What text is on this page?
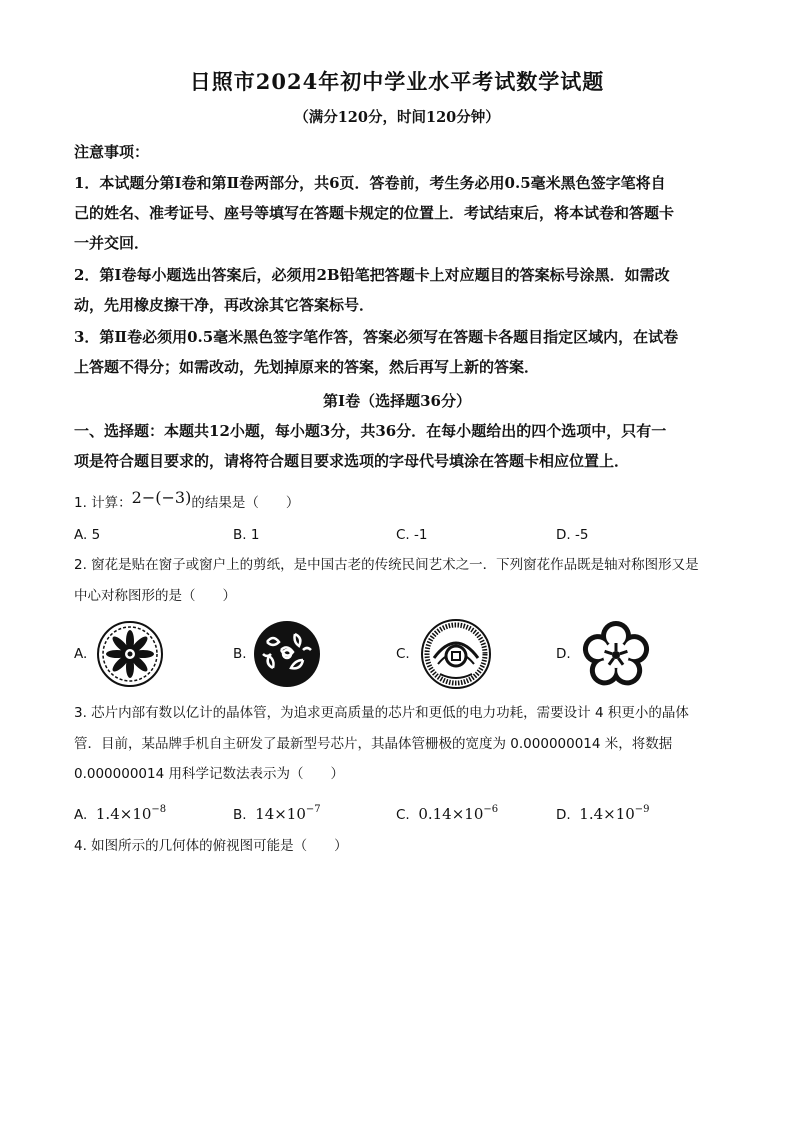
日照市2024年初中学业水平考试数学试题
（满分120分，时间120分钟）
注意事项：
1．本试题分第Ⅰ卷和第Ⅱ卷两部分，共6页．答卷前，考生务必用0.5毫米黑色签字笔将自
己的姓名、准考证号、座号等填写在答题卡规定的位置上．考试结束后，将本试卷和答题卡
一并交回．
2．第Ⅰ卷每小题选出答案后，必须用2B铅笔把答题卡上对应题目的答案标号涂黑．如需改
动，先用橡皮擦干净，再改涂其它答案标号．
3．第Ⅱ卷必须用0.5毫米黑色签字笔作答，答案必须写在答题卡各题目指定区域内，在试卷
上答题不得分；如需改动，先划掉原来的答案，然后再写上新的答案．
第Ⅰ卷（选择题36分）
一、选择题：本题共12小题，每小题3分，共36分．在每小题给出的四个选项中，只有一
项是符合题目要求的，请将符合题目要求选项的字母代号填涂在答题卡相应位置上．
1. 计算：2−(−3)的结果是（　　）
A. 5	B. 1	C. -1	D. -5
2. 窗花是贴在窗子或窗户上的剪纸，是中国古老的传统民间艺术之一．下列窗花作品既是轴对称图形又是
中心对称图形的是（　　）
A.	B.	C.	D.
3. 芯片内部有数以亿计的晶体管，为追求更高质量的芯片和更低的电力功耗，需要设计 4 积更小的晶体
管．目前，某品牌手机自主研发了最新型号芯片，其晶体管栅极的宽度为 0.000000014 米，将数据
0.000000014 用科学记数法表示为（　　）
A. $1.4\times 10^{-8}$	B. $14\times 10^{-7}$	C. $0.14\times 10^{-6}$	D. $1.4\times 10^{-9}$
4. 如图所示的几何体的俯视图可能是（　　）
